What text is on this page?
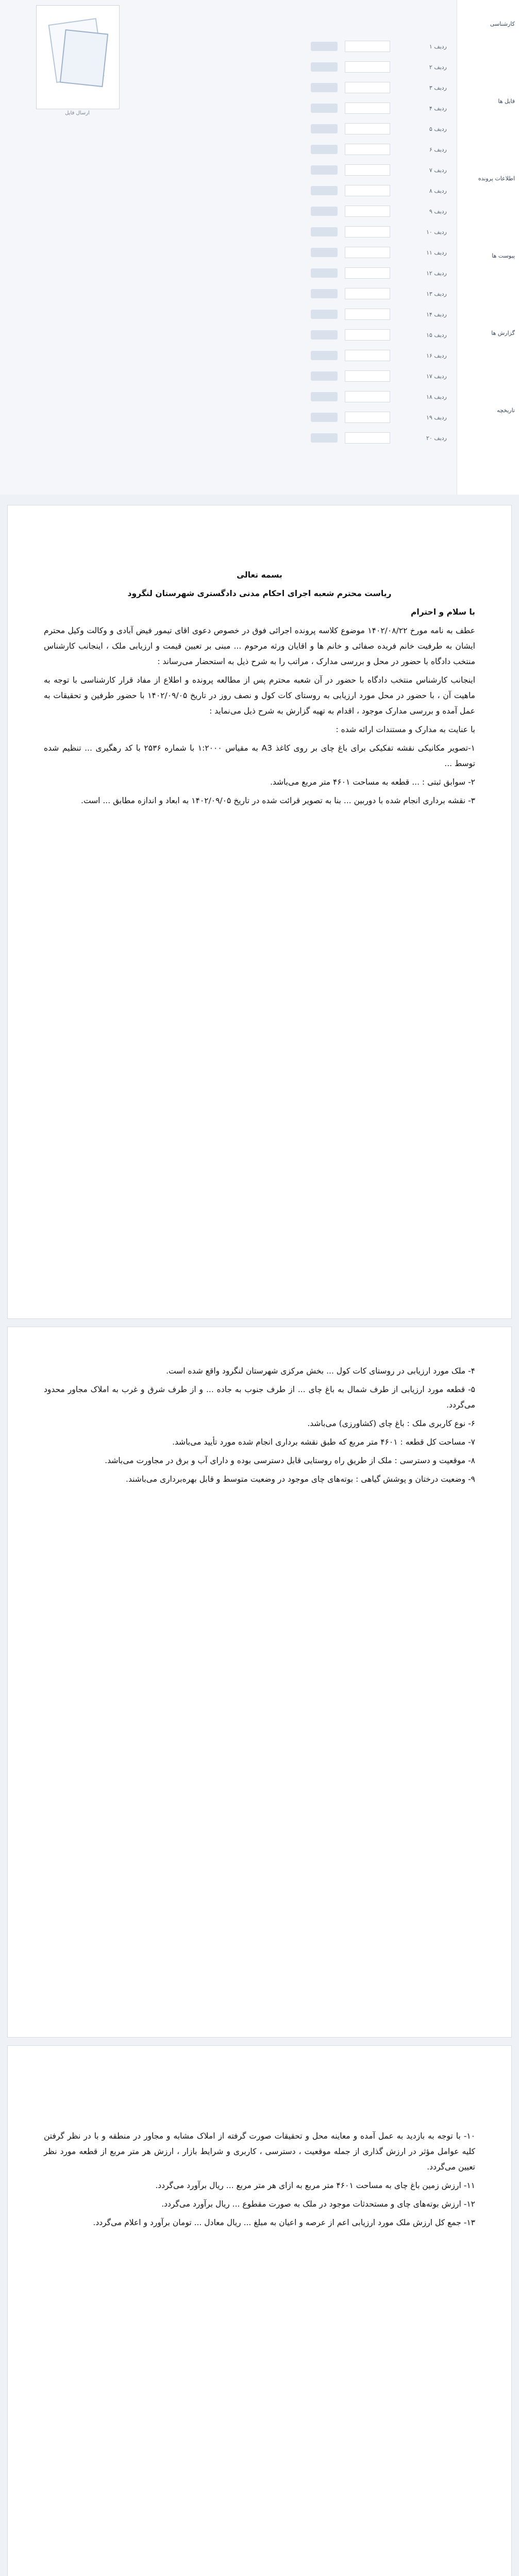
ارسال فایل
ردیف ۱
ردیف ۲
ردیف ۳
ردیف ۴
ردیف ۵
ردیف ۶
ردیف ۷
ردیف ۸
ردیف ۹
ردیف ۱۰
ردیف ۱۱
ردیف ۱۲
ردیف ۱۳
ردیف ۱۴
ردیف ۱۵
ردیف ۱۶
ردیف ۱۷
ردیف ۱۸
ردیف ۱۹
ردیف ۲۰
کارشناسی
فایل ها
اطلاعات پرونده
پیوست ها
گزارش ها
تاریخچه

بسمه تعالی

ریاست محترم شعبه اجرای احکام مدنی دادگستری شهرستان لنگرود

با سلام و احترام

عطف به نامه مورخ ۱۴۰۲/۰۸/۲۲ موضوع کلاسه پرونده اجرائی فوق در خصوص دعوی اقای تیمور فیض آبادی و وکالت وکیل محترم ایشان به طرفیت خانم فریده صفائی و خانم ها و اقایان ورثه مرحوم ... مبنی بر تعیین قیمت و ارزیابی ملک ، اینجانب کارشناس منتخب دادگاه با حضور در محل و بررسی مدارک ، مراتب را به شرح ذیل به استحضار می‌رساند :

اینجانب کارشناس منتخب دادگاه با حضور در آن شعبه محترم پس از مطالعه پرونده و اطلاع از مفاد قرار کارشناسی با توجه به ماهیت آن ، با حضور در محل مورد ارزیابی به روستای کات کول و نصف روز در تاریخ ۱۴۰۲/۰۹/۰۵ با حضور طرفین و تحقیقات به عمل آمده و بررسی مدارک موجود ، اقدام به تهیه گزارش به شرح ذیل می‌نماید :

با عنایت به مدارک و مستندات ارائه شده :

۱-تصویر مکانیکی نقشه تفکیکی برای باغ چای بر روی کاغذ A3 به مقیاس ۱:۲۰۰۰ با شماره ۲۵۳۶ با کد رهگیری ... تنظیم شده توسط ...

۲- سوابق ثبتی : ... قطعه به مساحت ۴۶۰۱ متر مربع می‌باشد.

۳- نقشه برداری انجام شده با دوربین ... بنا به تصویر قرائت شده در تاریخ ۱۴۰۲/۰۹/۰۵ به ابعاد و اندازه مطابق ... است.

۴- ملک مورد ارزیابی در روستای کات کول ... بخش مرکزی شهرستان لنگرود واقع شده است.

۵- قطعه مورد ارزیابی از طرف شمال به باغ چای ... از طرف جنوب به جاده ... و از طرف شرق و غرب به املاک مجاور محدود می‌گردد.

۶- نوع کاربری ملک : باغ چای (کشاورزی) می‌باشد.

۷- مساحت کل قطعه : ۴۶۰۱ متر مربع که طبق نقشه برداری انجام شده مورد تأیید می‌باشد.

۸- موقعیت و دسترسی : ملک از طریق راه روستایی قابل دسترسی بوده و دارای آب و برق در مجاورت می‌باشد.

۹- وضعیت درختان و پوشش گیاهی : بوته‌های چای موجود در وضعیت متوسط و قابل بهره‌برداری می‌باشند.

۱۰- با توجه به بازدید به عمل آمده و معاینه محل و تحقیقات صورت گرفته از املاک مشابه و مجاور در منطقه و با در نظر گرفتن کلیه عوامل مؤثر در ارزش گذاری از جمله موقعیت ، دسترسی ، کاربری و شرایط بازار ، ارزش هر متر مربع از قطعه مورد نظر تعیین می‌گردد.

۱۱- ارزش زمین باغ چای به مساحت ۴۶۰۱ متر مربع به ازای هر متر مربع ... ریال برآورد می‌گردد.

۱۲- ارزش بوته‌های چای و مستحدثات موجود در ملک به صورت مقطوع ... ریال برآورد می‌گردد.

۱۳- جمع کل ارزش ملک مورد ارزیابی اعم از عرصه و اعیان به مبلغ ... ریال معادل ... تومان برآورد و اعلام می‌گردد.
